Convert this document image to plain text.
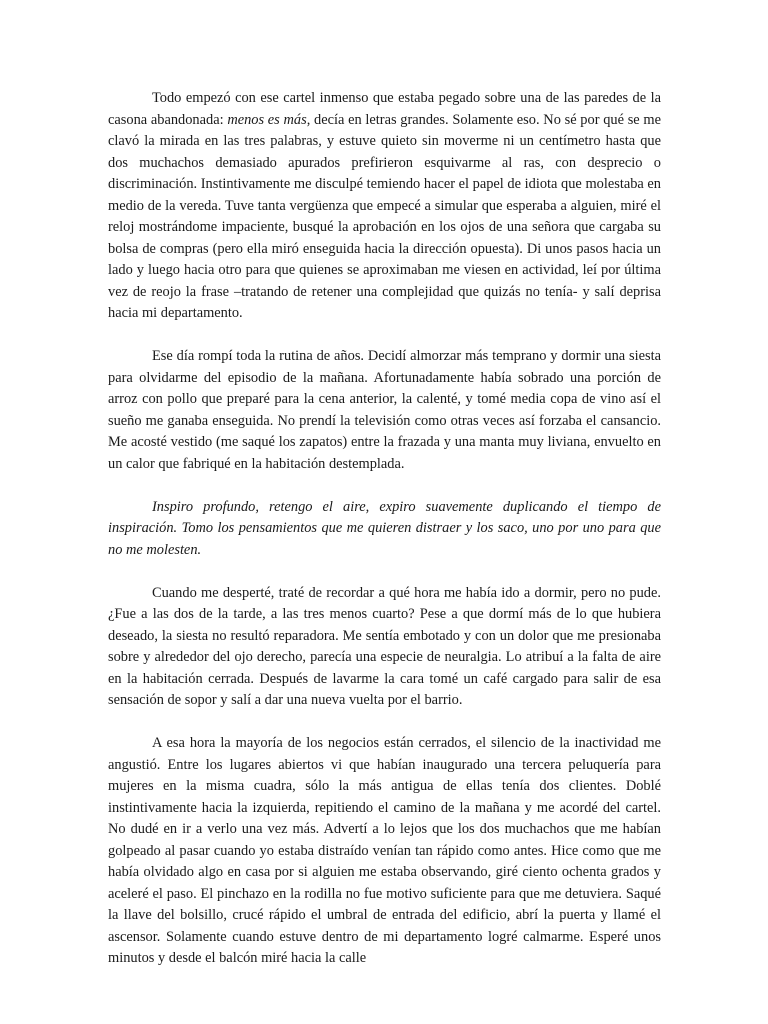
Todo empezó con ese cartel inmenso que estaba pegado sobre una de las paredes de la casona abandonada: menos es más, decía en letras grandes. Solamente eso. No sé por qué se me clavó la mirada en las tres palabras, y estuve quieto sin moverme ni un centímetro hasta que dos muchachos demasiado apurados prefirieron esquivarme al ras, con desprecio o discriminación. Instintivamente me disculpé temiendo hacer el papel de idiota que molestaba en medio de la vereda. Tuve tanta vergüenza que empecé a simular que esperaba a alguien, miré el reloj mostrándome impaciente, busqué la aprobación en los ojos de una señora que cargaba su bolsa de compras (pero ella miró enseguida hacia la dirección opuesta). Di unos pasos hacia un lado y luego hacia otro para que quienes se aproximaban me viesen en actividad, leí por última vez de reojo la frase –tratando de retener una complejidad que quizás no tenía- y salí deprisa hacia mi departamento.

Ese día rompí toda la rutina de años. Decidí almorzar más temprano y dormir una siesta para olvidarme del episodio de la mañana. Afortunadamente había sobrado una porción de arroz con pollo que preparé para la cena anterior, la calenté, y tomé media copa de vino así el sueño me ganaba enseguida. No prendí la televisión como otras veces así forzaba el cansancio. Me acosté vestido (me saqué los zapatos) entre la frazada y una manta muy liviana, envuelto en un calor que fabriqué en la habitación destemplada.

Inspiro profundo, retengo el aire, expiro suavemente duplicando el tiempo de inspiración. Tomo los pensamientos que me quieren distraer y los saco, uno por uno para que no me molesten.

Cuando me desperté, traté de recordar a qué hora me había ido a dormir, pero no pude. ¿Fue a las dos de la tarde, a las tres menos cuarto? Pese a que dormí más de lo que hubiera deseado, la siesta no resultó reparadora. Me sentía embotado y con un dolor que me presionaba sobre y alrededor del ojo derecho, parecía una especie de neuralgia. Lo atribuí a la falta de aire en la habitación cerrada. Después de lavarme la cara tomé un café cargado para salir de esa sensación de sopor y salí a dar una nueva vuelta por el barrio.

A esa hora la mayoría de los negocios están cerrados, el silencio de la inactividad me angustió. Entre los lugares abiertos vi que habían inaugurado una tercera peluquería para mujeres en la misma cuadra, sólo la más antigua de ellas tenía dos clientes. Doblé instintivamente hacia la izquierda, repitiendo el camino de la mañana y me acordé del cartel. No dudé en ir a verlo una vez más. Advertí a lo lejos que los dos muchachos que me habían golpeado al pasar cuando yo estaba distraído venían tan rápido como antes. Hice como que me había olvidado algo en casa por si alguien me estaba observando, giré ciento ochenta grados y aceleré el paso. El pinchazo en la rodilla no fue motivo suficiente para que me detuviera. Saqué la llave del bolsillo, crucé rápido el umbral de entrada del edificio, abrí la puerta y llamé el ascensor. Solamente cuando estuve dentro de mi departamento logré calmarme. Esperé unos minutos y desde el balcón miré hacia la calle
